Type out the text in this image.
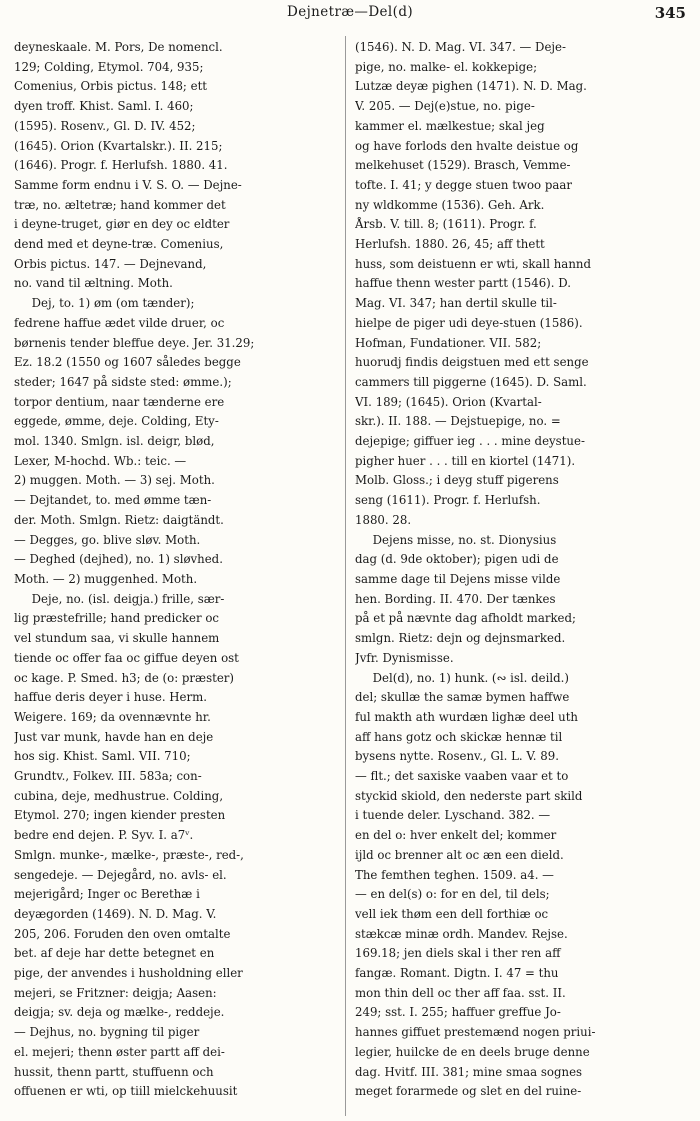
Dejnetræ—Del(d)	345

deyneskaale. M. Pors, De nomencl.
129; Colding, Etymol. 704, 935;
Comenius, Orbis pictus. 148; ett
dyen troff. Khist. Saml. I. 460;
(1595). Rosenv., Gl. D. IV. 452;
(1645). Orion (Kvartalskr.). II. 215;
(1646). Progr. f. Herlufsh. 1880. 41.
Samme form endnu i V. S. O. — Dejne-
træ, no. æltetræ; hand kommer det
i deyne-truget, giør en dey oc eldter
dend med et deyne-træ. Comenius,
Orbis pictus. 147. — Dejnevand,
no. vand til æltning. Moth.

Dej, to. 1) øm (om tænder);
fedrene haffue ædet vilde druer, oc
børnenis tender bleffue deye. Jer. 31.29;
Ez. 18.2 (1550 og 1607 således begge
steder; 1647 på sidste sted: ømme.);
torpor dentium, naar tænderne ere
eggede, ømme, deje. Colding, Ety-
mol. 1340. Smlgn. isl. deigr, blød,
Lexer, M-hochd. Wb.: teic. —
2) muggen. Moth. — 3) sej. Moth.
— Dejtandet, to. med ømme tæn-
der. Moth. Smlgn. Rietz: daigtändt.
— Degges, go. blive sløv. Moth.
— Deghed (dejhed), no. 1) sløvhed.
Moth. — 2) muggenhed. Moth.

Deje, no. (isl. deigja.) frille, sær-
lig præstefrille; hand predicker oc
vel stundum saa, vi skulle hannem
tiende oc offer faa oc giffue deyen ost
oc kage. P. Smed. h3; de (o: præster)
haffue deris deyer i huse. Herm.
Weigere. 169; da ovennævnte hr.
Just var munk, havde han en deje
hos sig. Khist. Saml. VII. 710;
Grundtv., Folkev. III. 583a; con-
cubina, deje, medhustrue. Colding,
Etymol. 270; ingen kiender presten
bedre end dejen. P. Syv. I. a7ᵛ.
Smlgn. munke-, mælke-, præste-, red-,
sengedeje. — Dejegård, no. avls- el.
mejerigård; Inger oc Berethæ i
deyægorden (1469). N. D. Mag. V.
205, 206. Foruden den oven omtalte
bet. af deje har dette betegnet en
pige, der anvendes i husholdning eller
mejeri, se Fritzner: deigja; Aasen:
deigja; sv. deja og mælke-, reddeje.
— Dejhus, no. bygning til piger
el. mejeri; thenn øster partt aff dei-
hussit, thenn partt, stuffuenn och
offuenen er wti, op tiill mielckehuusit

(1546). N. D. Mag. VI. 347. — Deje-
pige, no. malke- el. kokkepige;
Lutzæ deyæ pighen (1471). N. D. Mag.
V. 205. — Dej(e)stue, no. pige-
kammer el. mælkestue; skal jeg
og have forlods den hvalte deistue og
melkehuset (1529). Brasch, Vemme-
tofte. I. 41; y degge stuen twoo paar
ny wldkomme (1536). Geh. Ark.
Årsb. V. till. 8; (1611). Progr. f.
Herlufsh. 1880. 26, 45; aff thett
huss, som deistuenn er wti, skall hannd
haffue thenn wester partt (1546). D.
Mag. VI. 347; han dertil skulle til-
hielpe de piger udi deye-stuen (1586).
Hofman, Fundationer. VII. 582;
huorudj findis deigstuen med ett senge
cammers till piggerne (1645). D. Saml.
VI. 189; (1645). Orion (Kvartal-
skr.). II. 188. — Dejstuepige, no. =
dejepige; giffuer ieg . . . mine deystue-
pigher huer . . . till en kiortel (1471).
Molb. Gloss.; i deyg stuff pigerens
seng (1611). Progr. f. Herlufsh.
1880. 28.

Dejens misse, no. st. Dionysius
dag (d. 9de oktober); pigen udi de
samme dage til Dejens misse vilde
hen. Bording. II. 470. Der tænkes
på et på nævnte dag afholdt marked;
smlgn. Rietz: dejn og dejnsmarked.
Jvfr. Dynismisse.

Del(d), no. 1) hunk. (∾ isl. deild.)
del; skullæ the samæ bymen haffwe
ful makth ath wurdæn lighæ deel uth
aff hans gotz och skickæ hennæ til
bysens nytte. Rosenv., Gl. L. V. 89.
— flt.; det saxiske vaaben vaar et to
styckid skiold, den nederste part skild
i tuende deler. Lyschand. 382. —
en del o: hver enkelt del; kommer
ijld oc brenner alt oc æn een dield.
The femthen teghen. 1509. a4. —
— en del(s) o: for en del, til dels;
vell iek thøm een dell forthiæ oc
stækcæ minæ ordh. Mandev. Rejse.
169.18; jen diels skal i ther ren aff
fangæ. Romant. Digtn. I. 47 = thu
mon thin dell oc ther aff faa. sst. II.
249; sst. I. 255; haffuer greffue Jo-
hannes giffuet prestemænd nogen priui-
legier, huilcke de en deels bruge denne
dag. Hvitf. III. 381; mine smaa sognes
meget forarmede og slet en del ruine-
